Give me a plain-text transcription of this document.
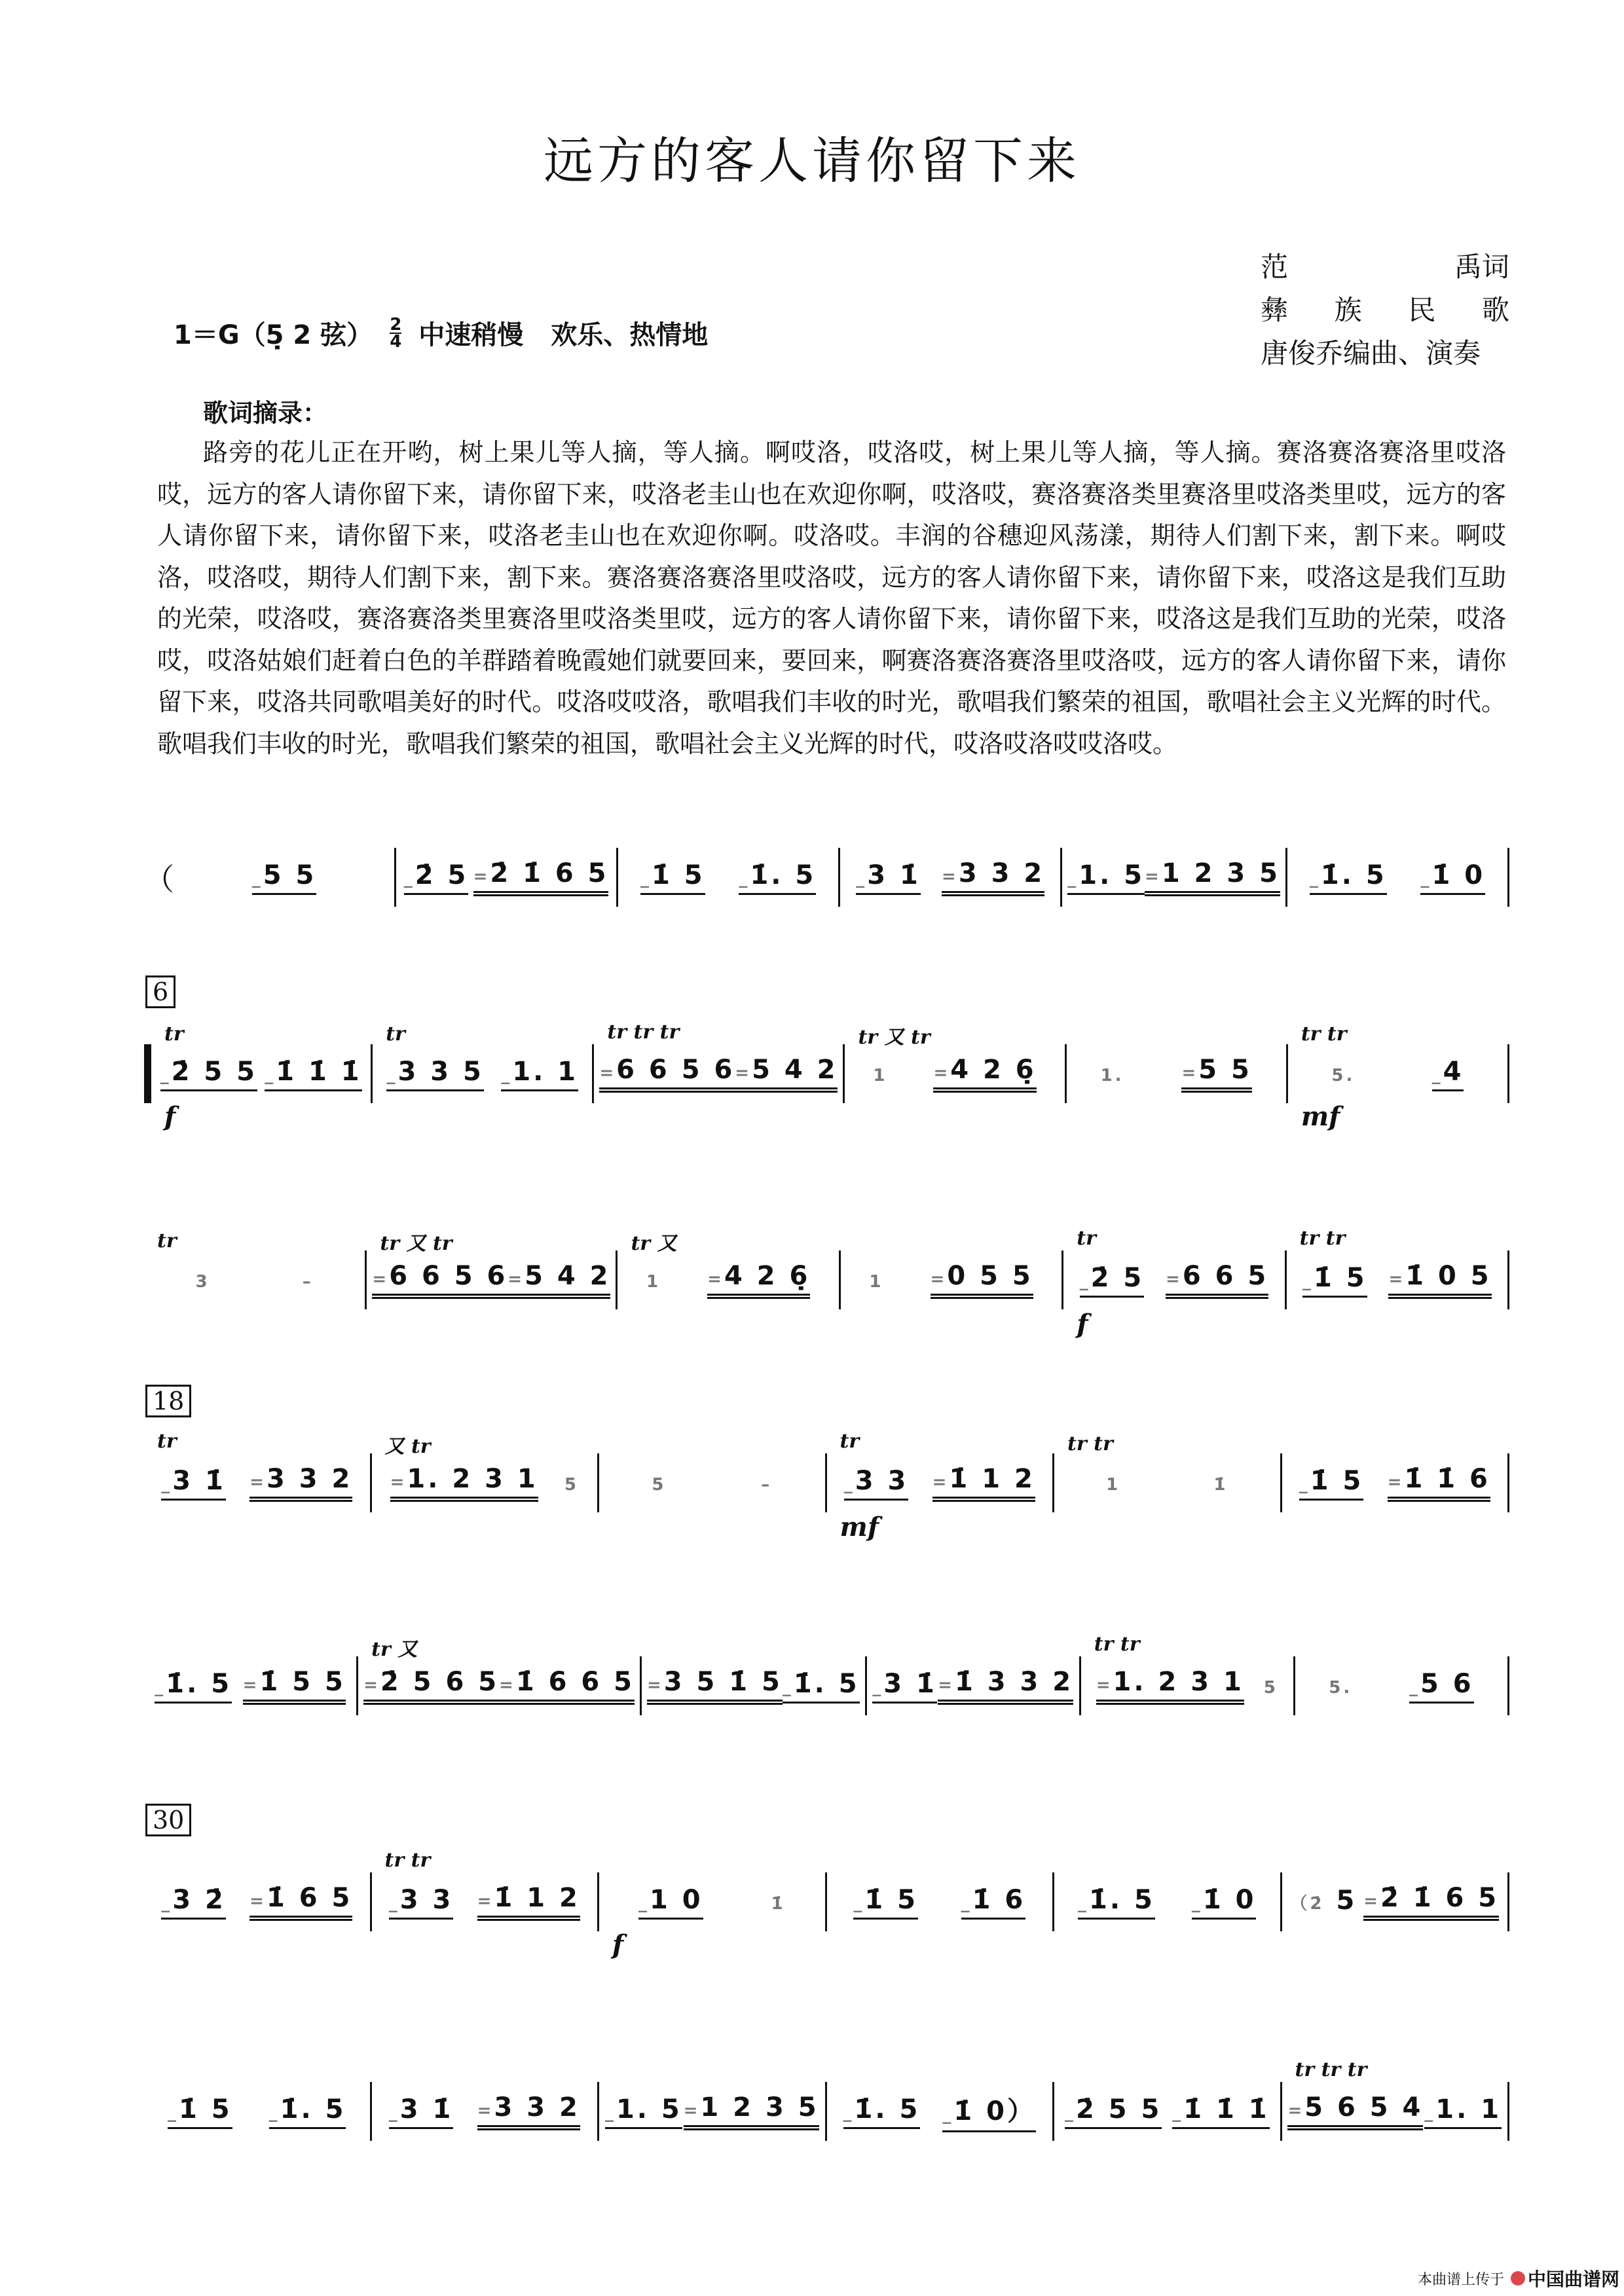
远方的客人请你留下来
范	禹词
彝 族 民 歌
唐俊乔编曲、演奏
1＝G（5̣ 2 弦） 2
4 中速稍慢 欢乐、热情地
歌词摘录：
路旁的花儿正在开哟，树上果儿等人摘，等人摘。啊哎洛，哎洛哎，树上果儿等人摘，等人摘。赛洛赛洛赛洛里哎洛哎，远方的客人请你留下来，请你留下来，哎洛老圭山也在欢迎你啊，哎洛哎，赛洛赛洛类里赛洛里哎洛类里哎，远方的客人请你留下来，请你留下来，哎洛老圭山也在欢迎你啊。哎洛哎。丰润的谷穗迎风荡漾，期待人们割下来，割下来。啊哎洛，哎洛哎，期待人们割下来，割下来。赛洛赛洛赛洛里哎洛哎，远方的客人请你留下来，请你留下来，哎洛这是我们互助的光荣，哎洛哎，赛洛赛洛类里赛洛里哎洛类里哎，远方的客人请你留下来，请你留下来，哎洛这是我们互助的光荣，哎洛哎，哎洛姑娘们赶着白色的羊群踏着晚霞她们就要回来，要回来，啊赛洛赛洛赛洛里哎洛哎，远方的客人请你留下来，请你留下来，哎洛共同歌唱美好的时代。哎洛哎哎洛，歌唱我们丰收的时光，歌唱我们繁荣的祖国，歌唱社会主义光辉的时代。歌唱我们丰收的时光，歌唱我们繁荣的祖国，歌唱社会主义光辉的时代，哎洛哎洛哎哎洛哎。
（	_5 5	_2̇ 5 =2̇ 1̇ 6 5 _1̇ 5 _1̇. 5 _3 1̇ =3 3 2 _1. 5 =1 2 3 5 _1̇. 5 _1̇ 0
6
_2̇ 5 5 _1̇ 1̇ 1̇
tr
f
_3 3 5 _1. 1
tr
=6 6 5 6 =5 4 2
tr tr tr
1 =4 2 6̣
tr 又 tr
1. =5 5	5.	_4
tr tr
mf
3	–
tr
=6 6 5 6 =5 4 2
tr 又 tr
1 =4 2 6̣
tr 又
1 =0 5 5 _2̇ 5 =6 6 5
tr
f
_1̇ 5 =1̇ 0 5
tr tr
18
_3 1̇ =3 3 2
tr
=1. 2 3 1 5
又 tr
5	–	_3 3 =1̇ 1 2
tr
mf
1	1̇
tr tr
_1̇ 5 =1̇ 1̇ 6
_1̇. 5 =1̇ 5 5 =2̇ 5 6 5 =1̇ 6 6 5
tr 又
=3 5 1̇ 5 _1̇. 5 _3 1̇ =1̇ 3 3 2 =1. 2 3 1 5
tr tr
5. _5 6
30
_3 2̇ =1̇ 6 5 _3 3 =1̇ 1 2
tr tr
_1 0	1̇
f
_1̇ 5 _1̇ 6 _1̇. 5 _1̇ 0 （2̇ 5 =2̇ 1̇ 6 5
_1̇ 5 _1̇. 5 _3 1̇ =3 3 2 _1. 5 =1 2 3 5 _1̇. 5 _1̇ 0） _2̇ 5 5 _1̇ 1̇ 1̇ =5 6 5 4 _1. 1
tr tr tr
本曲谱上传于 中国曲谱网
